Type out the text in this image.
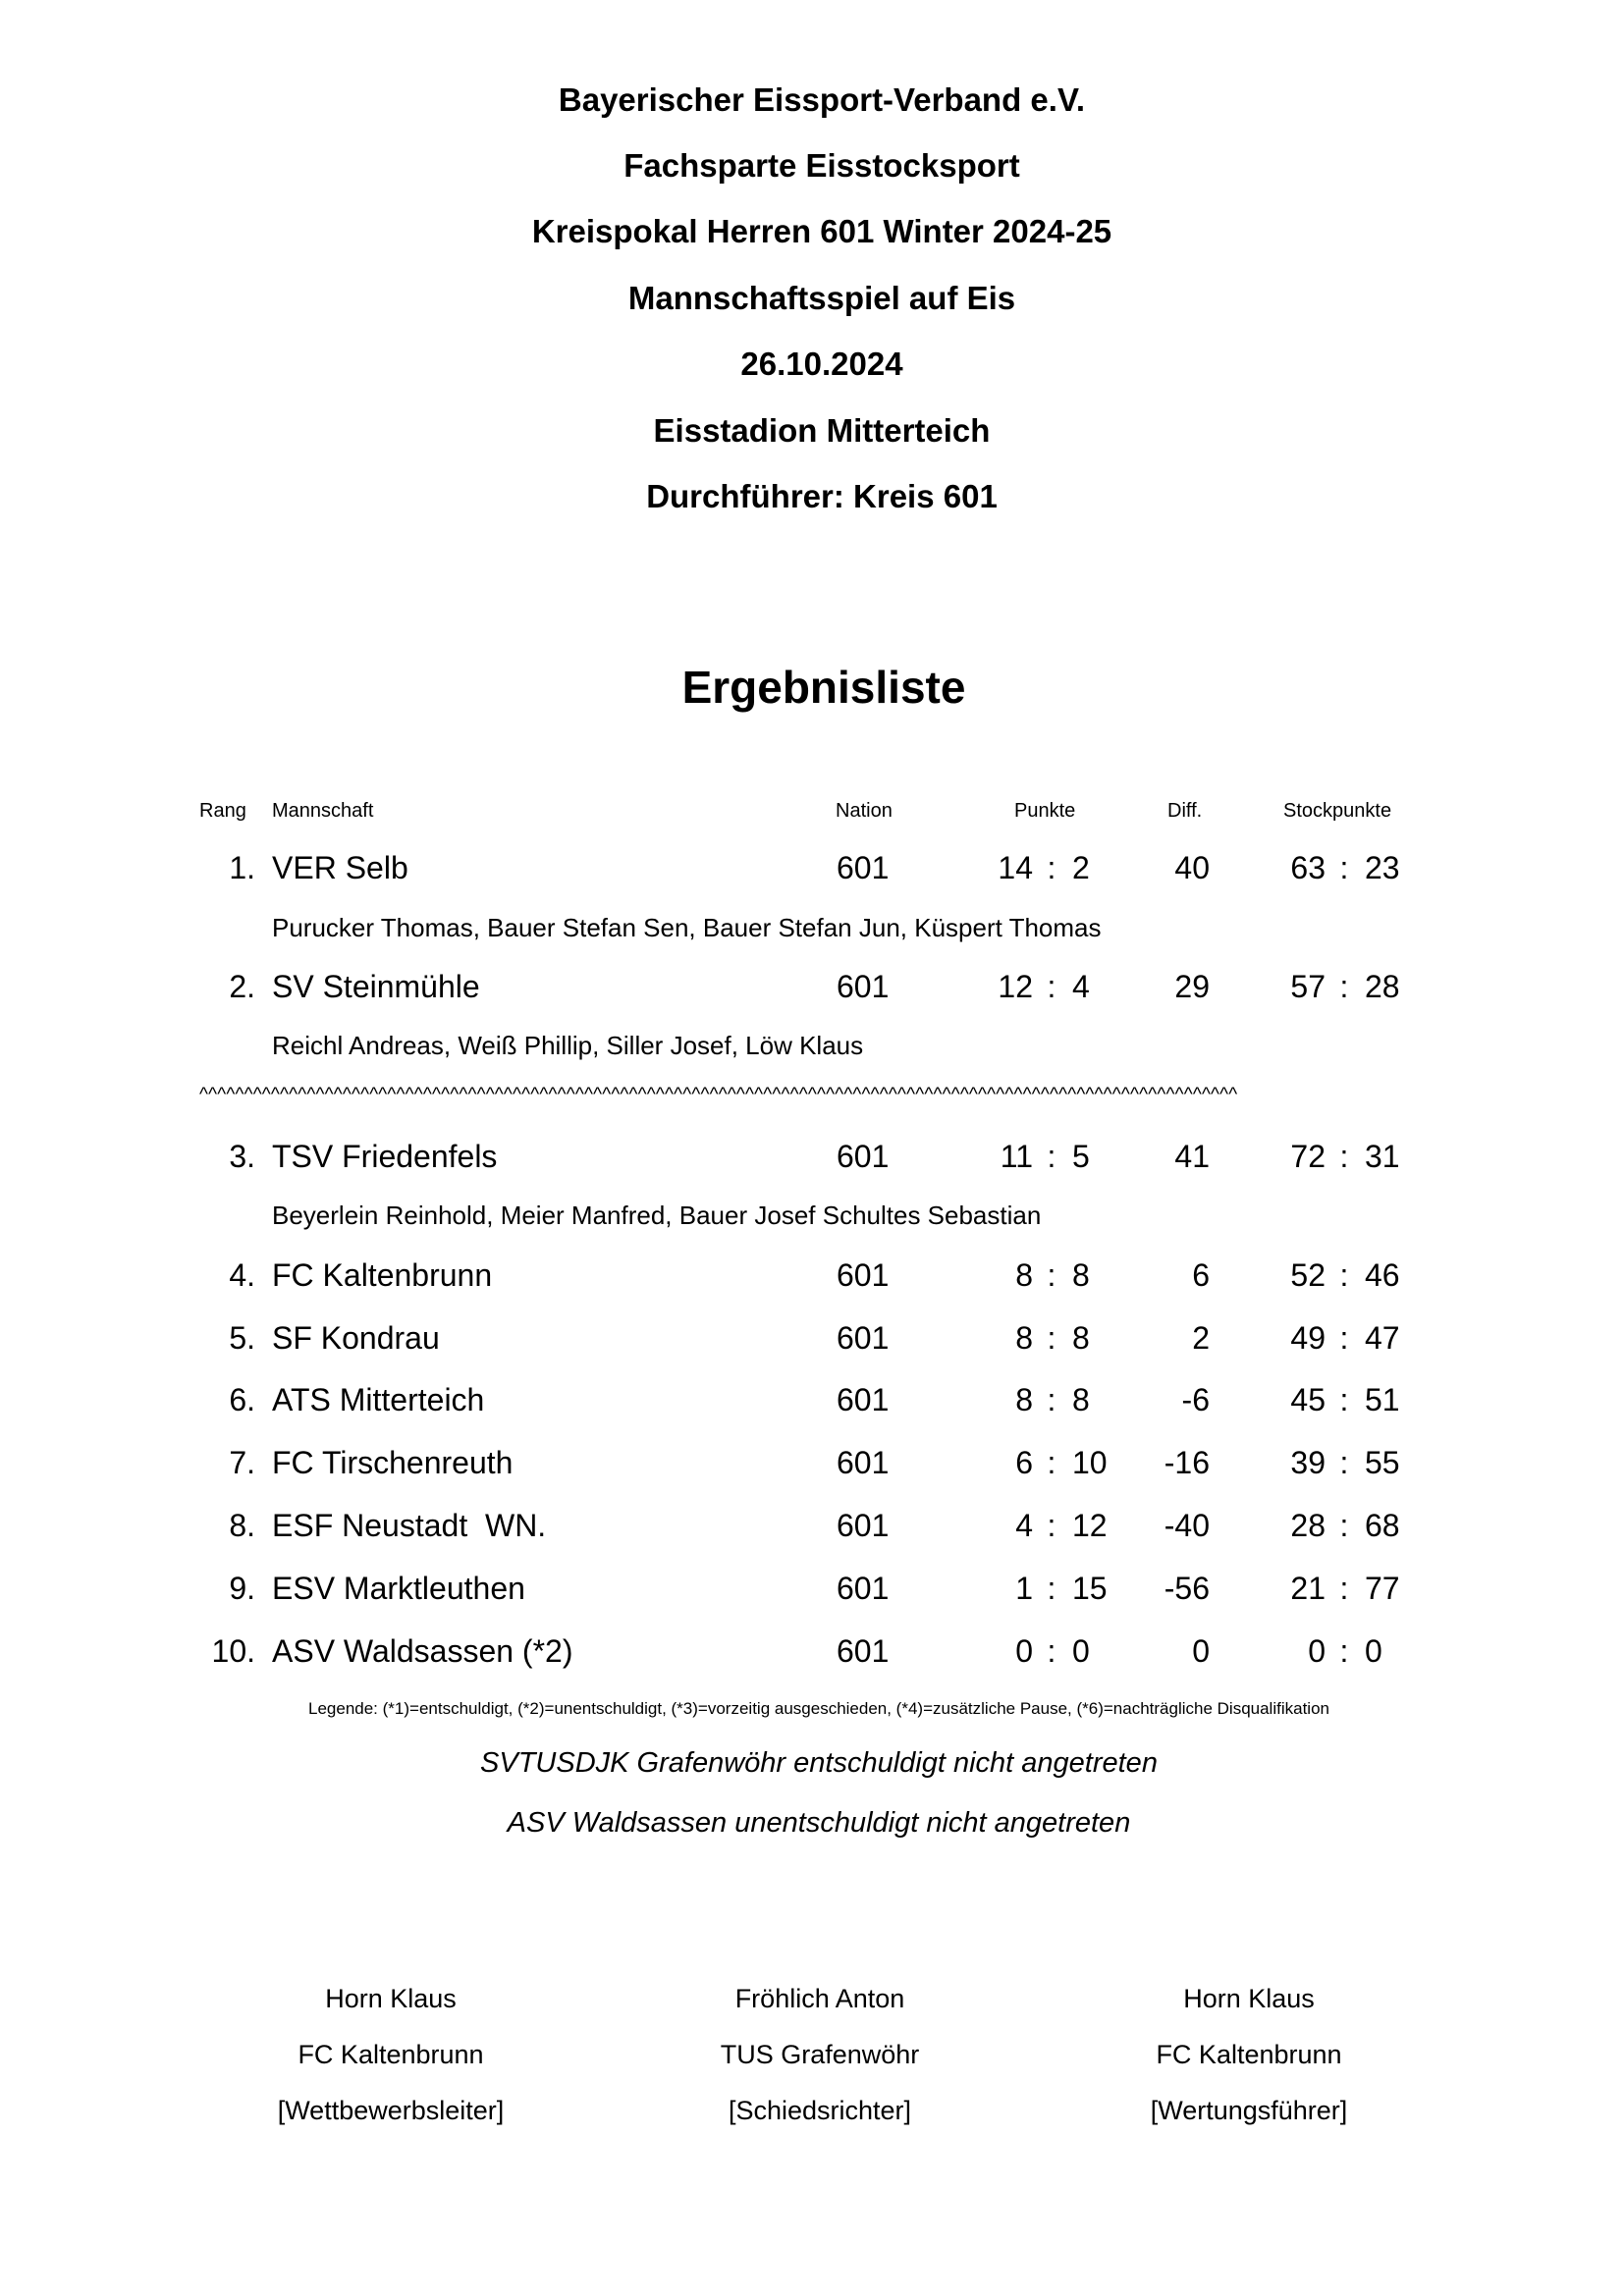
Bayerischer Eissport-Verband e.V.
Fachsparte Eisstocksport
Kreispokal Herren 601 Winter 2024-25
Mannschaftsspiel auf Eis
26.10.2024
Eisstadion Mitterteich
Durchführer: Kreis 601
Ergebnisliste
Rang Mannschaft	Nation	Punkte	Diff.	Stockpunkte
1. VER Selb	601	14 : 2	40	63 : 23
Purucker Thomas, Bauer Stefan Sen, Bauer Stefan Jun, Küspert Thomas
2. SV Steinmühle	601	12 : 4	29	57 : 28
Reichl Andreas, Weiß Phillip, Siller Josef, Löw Klaus
^^^^^^^^^^^^^^^^^^^^^^^^^^^^^^^^^^^^^^^^^^^^^^^^^^^^^^^^^^^^^^^^^^^^^^^^^^^^^^^^^^^^^^^^^^^^^^^^^^^^^^^^^^^^^^^^^^^^
3. TSV Friedenfels	601	11 : 5	41	72 : 31
Beyerlein Reinhold, Meier Manfred, Bauer Josef Schultes Sebastian
4. FC Kaltenbrunn	601	8 : 8	6	52 : 46
5. SF Kondrau	601	8 : 8	2	49 : 47
6. ATS Mitterteich	601	8 : 8	-6	45 : 51
7. FC Tirschenreuth	601	6 : 10	-16	39 : 55
8. ESF Neustadt  WN.	601	4 : 12	-40	28 : 68
9. ESV Marktleuthen	601	1 : 15	-56	21 : 77
10. ASV Waldsassen (*2)	601	0 : 0	0	0 : 0
Legende: (*1)=entschuldigt, (*2)=unentschuldigt, (*3)=vorzeitig ausgeschieden, (*4)=zusätzliche Pause, (*6)=nachträgliche Disqualifikation
SVTUSDJK Grafenwöhr entschuldigt nicht angetreten
ASV Waldsassen unentschuldigt nicht angetreten
Horn Klaus
FC Kaltenbrunn
[Wettbewerbsleiter]
Fröhlich Anton
TUS Grafenwöhr
[Schiedsrichter]
Horn Klaus
FC Kaltenbrunn
[Wertungsführer]
